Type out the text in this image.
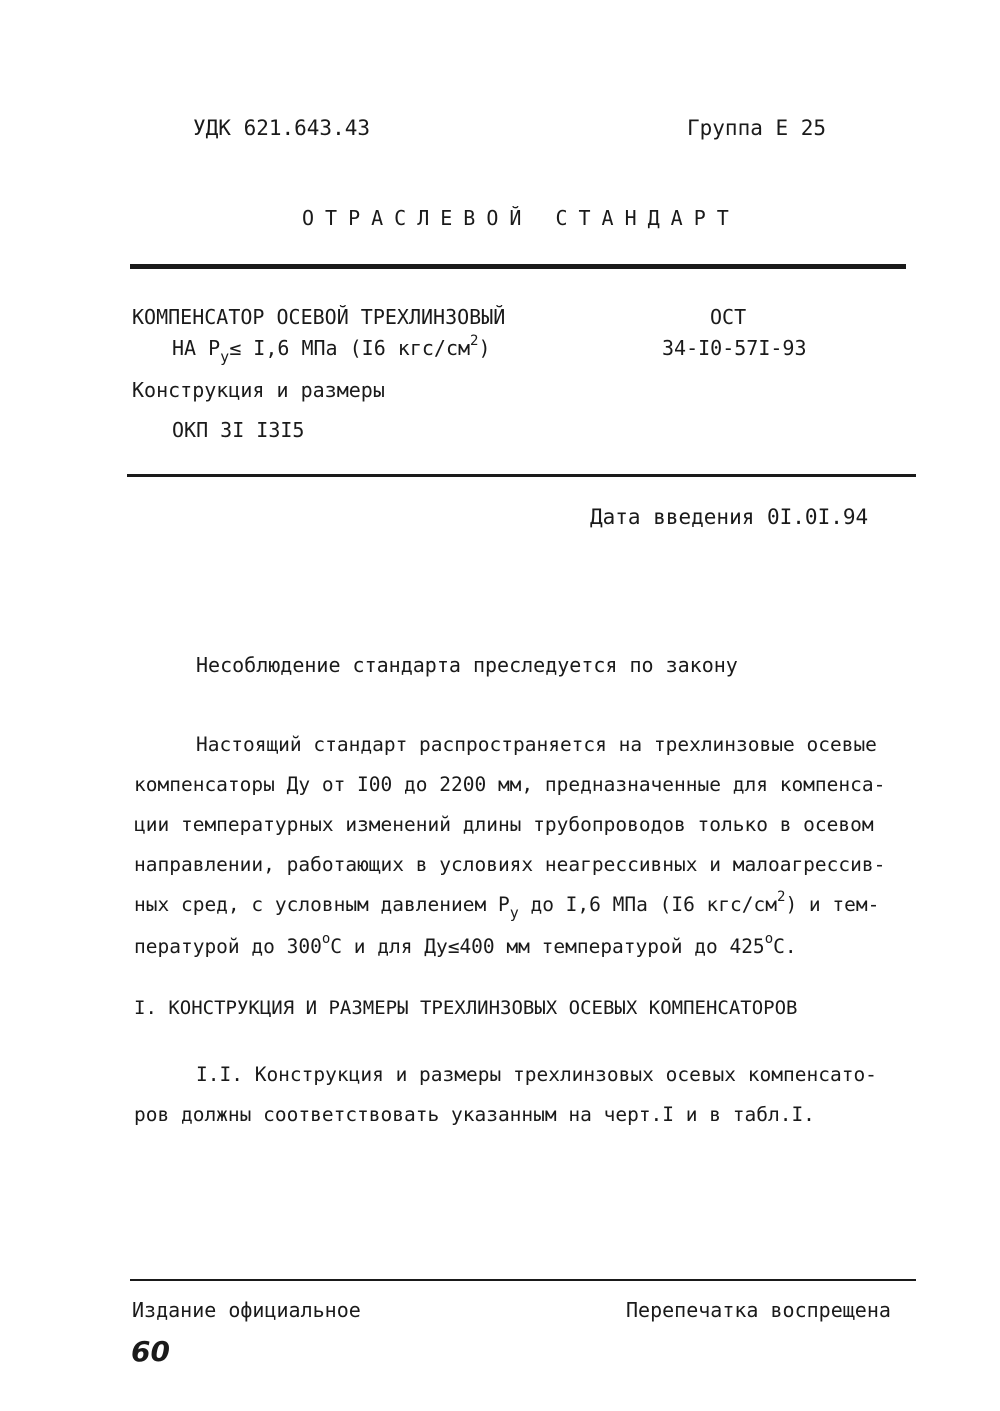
УДК 621.643.43	Группа Е 25
ОТРАСЛЕВОЙ СТАНДАРТ
КОМПЕНСАТОР ОСЕВОЙ ТРЕХЛИНЗОВЫЙ
НА $Р_у\le I,6$ МПа (I6 кгс/$см^2$)
Конструкция и размеры
ОКП 3I I3I5
ОСТ
34-I0-57I-93
Дата введения 0I.0I.94
Несоблюдение стандарта преследуется по закону
Настоящий стандарт распространяется на трехлинзовые осевые
компенсаторы Ду от I00 до 2200 мм, предназначенные для компенса-
ции температурных изменений длины трубопроводов только в осевом
направлении, работающих в условиях неагрессивных и малоагрессив-
ных сред, с условным давлением $Р_у$ до I,6 МПа (I6 кгс/$см^2$) и тем-
пературой до $300^оС$ и для Ду≤400 мм температурой до $425^оС$.
I. КОНСТРУКЦИЯ И РАЗМЕРЫ ТРЕХЛИНЗОВЫХ ОСЕВЫХ КОМПЕНСАТОРОВ
I.I. Конструкция и размеры трехлинзовых осевых компенсато-
ров должны соответствовать указанным на черт.I и в табл.I.
Издание официальное	Перепечатка воспрещена
60
